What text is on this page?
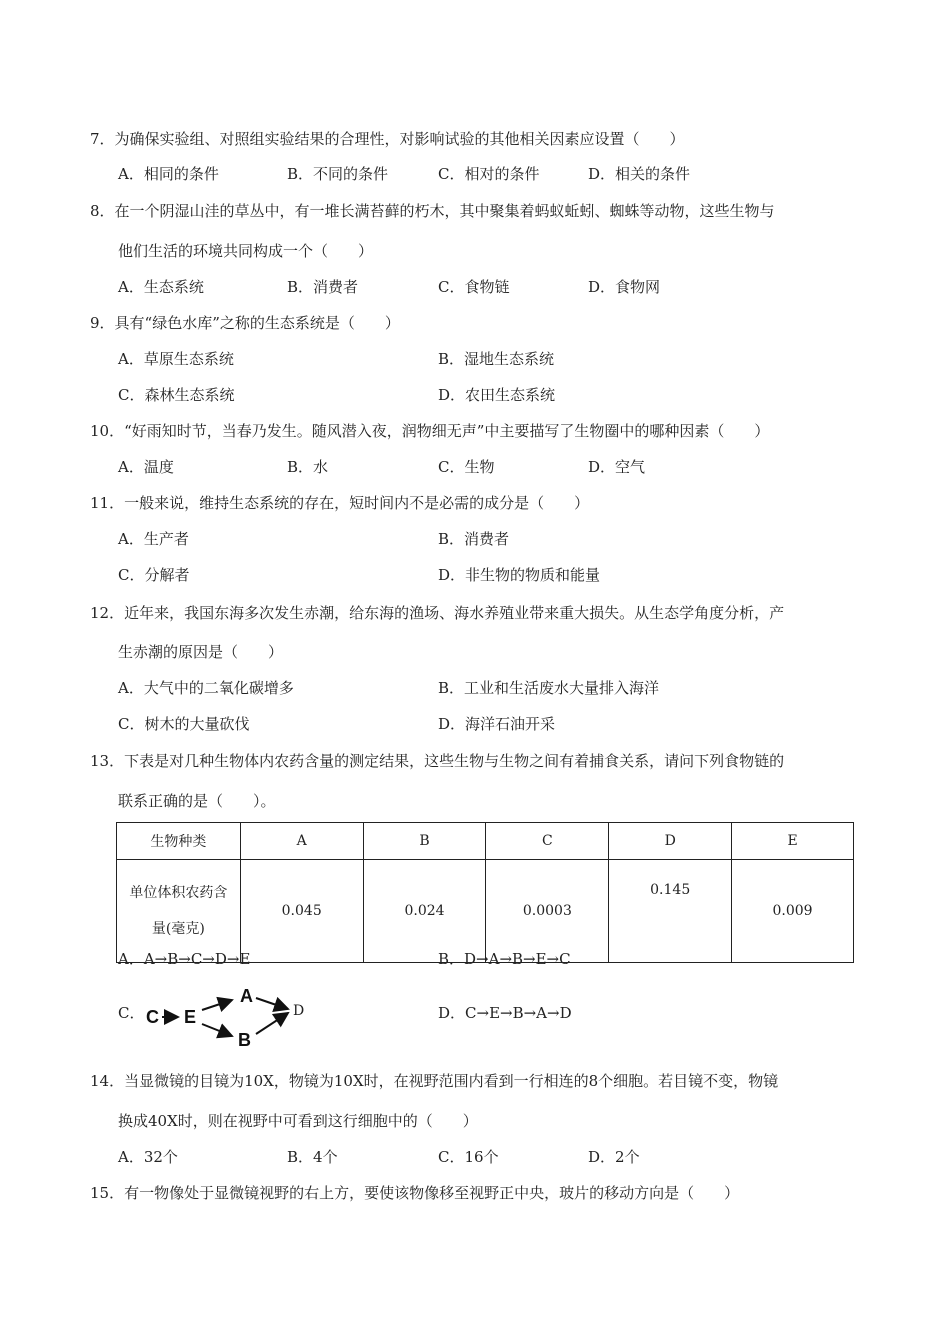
7．为确保实验组、对照组实验结果的合理性，对影响试验的其他相关因素应设置（　　）
A．相同的条件	B．不同的条件	C．相对的条件	D．相关的条件
8．在一个阴湿山洼的草丛中，有一堆长满苔藓的朽木，其中聚集着蚂蚁蚯蚓、蜘蛛等动物，这些生物与
他们生活的环境共同构成一个（　　）
A．生态系统	B．消费者	C．食物链	D．食物网
9．具有“绿色水库”之称的生态系统是（　　）
A．草原生态系统	B．湿地生态系统
C．森林生态系统	D．农田生态系统
10．“好雨知时节，当春乃发生。随风潜入夜，润物细无声”中主要描写了生物圈中的哪种因素（　　）
A．温度	B．水	C．生物	D．空气
11．一般来说，维持生态系统的存在，短时间内不是必需的成分是（　　）
A．生产者	B．消费者
C．分解者	D．非生物的物质和能量
12．近年来，我国东海多次发生赤潮，给东海的渔场、海水养殖业带来重大损失。从生态学角度分析，产
生赤潮的原因是（　　）
A．大气中的二氧化碳增多	B．工业和生活废水大量排入海洋
C．树木的大量砍伐	D．海洋石油开采
13．下表是对几种生物体内农药含量的测定结果，这些生物与生物之间有着捕食关系，请问下列食物链的
联系正确的是（　　）。
生物种类	A	B	C	D	E

单位体积农药含
量(毫克)	0.045	0.024	0.0003	0.145	0.009
A．A→B→C→D→E	B．D→A→B→E→C
C． C E
A
B
D	D．C→E→B→A→D
14．当显微镜的目镜为10X，物镜为10X时，在视野范围内看到一行相连的8个细胞。若目镜不变，物镜
换成40X时，则在视野中可看到这行细胞中的（　　）
A．32个	B．4个	C．16个	D．2个
15．有一物像处于显微镜视野的右上方，要使该物像移至视野正中央，玻片的移动方向是（　　）
